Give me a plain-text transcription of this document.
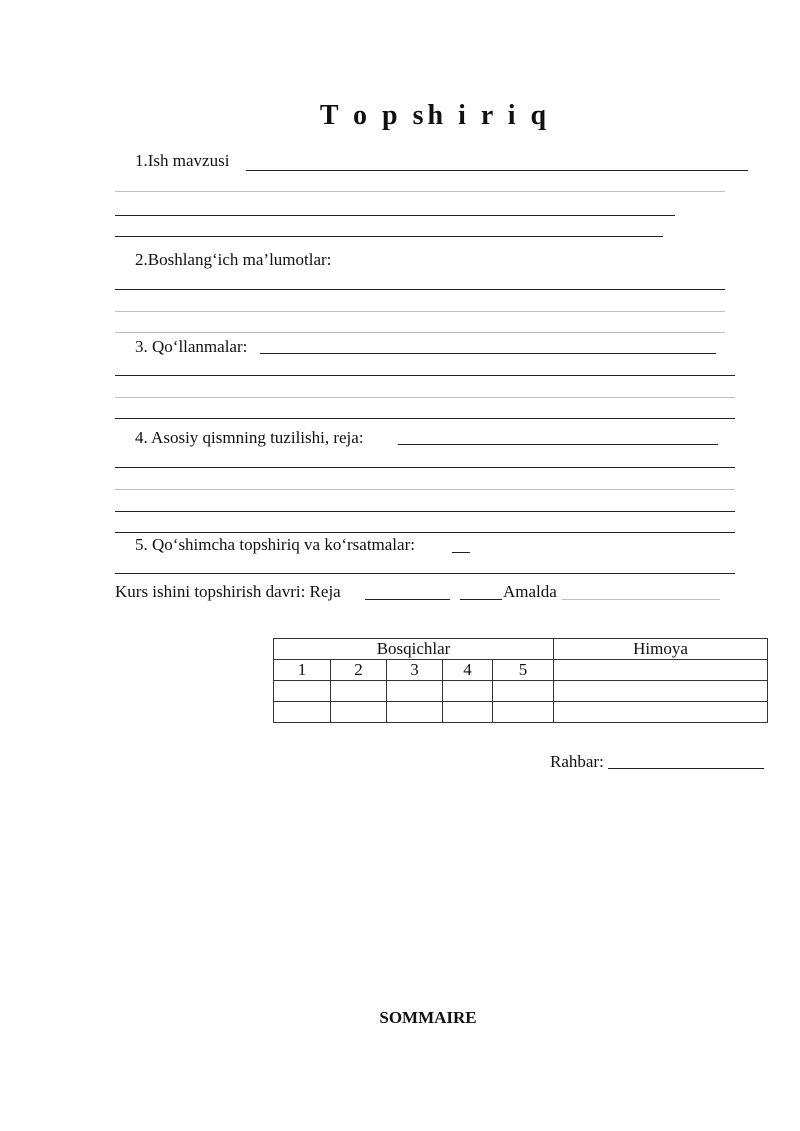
T o p sh i r i q
1.Ish mavzusi
2.Boshlang‘ich ma’lumotlar:
3. Qo‘llanmalar:
4. Asosiy qismning tuzilishi, reja:
5. Qo‘shimcha topshiriq va ko‘rsatmalar:
Kurs ishini topshirish davri: Reja	Amalda
Bosqichlar					Himoya
1	2	3	4	5	

Rahbar:
SOMMAIRE
